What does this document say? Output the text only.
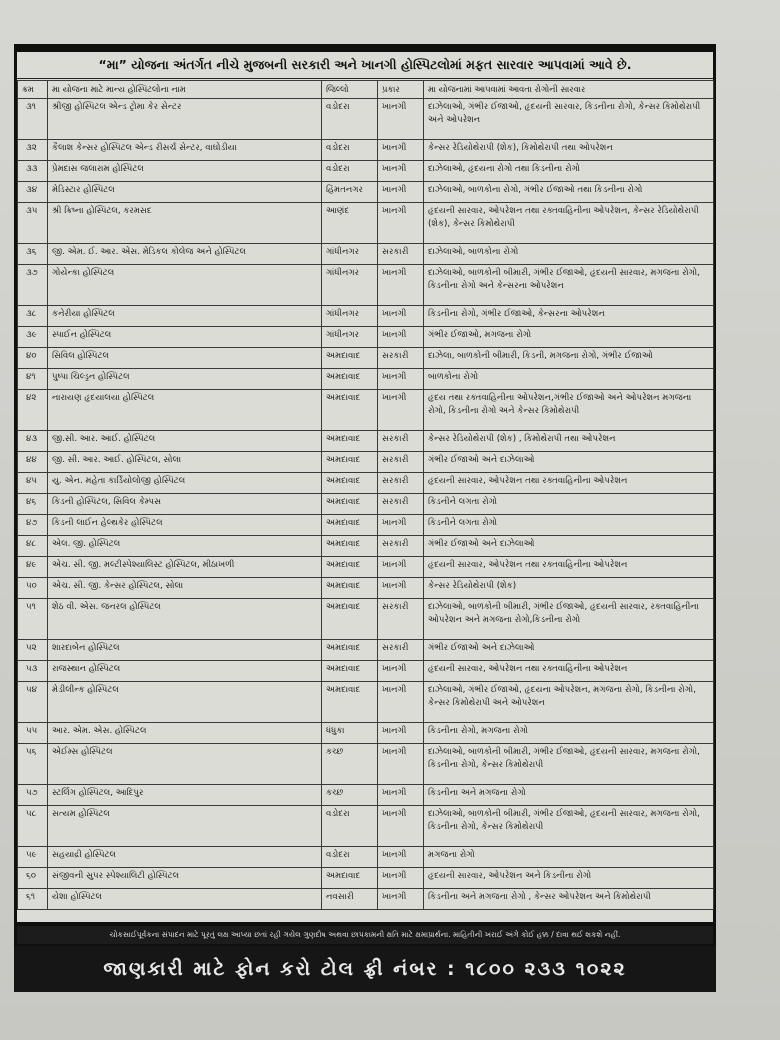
“મા” યોજના અંતર્ગત નીચે મુજબની સરકારી અને ખાનગી હોસ્પિટલોમાં મફત સારવાર આપવામાં આવે છે.
ક્રમ	મા યોજના માટે માન્ય હોસ્પિટલોના નામ	જિલ્લો	પ્રકાર	મા યોજનામાં આપવામાં આવતા રોગોની સારવાર
૩૧	શ્રીજી હોસ્પિટલ એન્ડ ટ્રોમા કેર સેન્ટર	વડોદરા	ખાનગી	દાઝેલાઓ, ગંભીર ઈજાઓ, હૃદયની સારવાર, કિડનીના રોગો, કેન્સર કિમોથેરાપી અને ઓપરેશન
૩૨	કૈલાશ કેન્સર હોસ્પિટલ એન્ડ રીસર્ચ સેન્ટર, વાઘોડીયા	વડોદરા	ખાનગી	કેન્સર રેડિયોથેરાપી (શેક), કિમોથેરાપી તથા ઓપરેશન
૩૩	પ્રેમદાસ જલારામ હોસ્પિટલ	વડોદરા	ખાનગી	દાઝેલાઓ, હૃદયના રોગો તથા કિડનીના રોગો
૩૪	મેડિસ્ટાર હોસ્પિટલ	હિંમતનગર	ખાનગી	દાઝેલાઓ, બાળકોના રોગો, ગંભીર ઈજાઓ તથા કિડનીના રોગો
૩૫	શ્રી ક્રિષ્ના હોસ્પિટલ, કરમસદ	આણંદ	ખાનગી	હૃદયની સારવાર, ઓપરેશન તથા રક્તવાહિનીના ઓપરેશન, કેન્સર રેડિયોથેરાપી (શેક), કેન્સર કિમોથેરાપી
૩૬	જી. એમ. ઈ. આર. એસ. મેડિકલ કોલેજ અને હોસ્પિટલ	ગાંધીનગર	સરકારી	દાઝેલાઓ, બાળકોના રોગો
૩૭	ગોયેન્કા હોસ્પિટલ	ગાંધીનગર	ખાનગી	દાઝેલાઓ, બાળકોની બીમારી, ગંભીર ઈજાઓ, હૃદયની સારવાર, મગજના રોગો, કિડનીના રોગો અને કેન્સરના ઓપરેશન
૩૮	કનેરીયા હોસ્પિટલ	ગાંધીનગર	ખાનગી	કિડનીના રોગો, ગંભીર ઈજાઓ, કેન્સરના ઓપરેશન
૩૯	સ્પાઈન હોસ્પિટલ	ગાંધીનગર	ખાનગી	ગંભીર ઈજાઓ, મગજના રોગો
૪૦	સિવિલ હોસ્પિટલ	અમદાવાદ	સરકારી	દાઝેલા, બાળકોની બીમારી, કિડની, મગજના રોગો, ગંભીર ઈજાઓ
૪૧	પુષ્પા ચિલ્ડ્રન હોસ્પિટલ	અમદાવાદ	ખાનગી	બાળકોના રોગો
૪૨	નારાયણ હૃદયાલયા હોસ્પિટલ	અમદાવાદ	ખાનગી	હૃદય તથા રક્તવાહિનીના ઓપરેશન,ગંભીર ઈજાઓ અને ઓપરેશન મગજના રોગો, કિડનીના રોગો અને કેન્સર કિમોથેરાપી
૪૩	જી.સી. આર. આઈ. હોસ્પિટલ	અમદાવાદ	સરકારી	કેન્સર રેડિયોથેરાપી (શેક) , કિમોથેરાપી તથા ઓપરેશન
૪૪	જી. સી. આર. આઈ. હોસ્પિટલ, સોલા	અમદાવાદ	સરકારી	ગંભીર ઈજાઓ અને દાઝેલાઓ
૪૫	યુ. એન. મહેતા કાર્ડિયોલોજી હોસ્પિટલ	અમદાવાદ	સરકારી	હૃદયની સારવાર, ઓપરેશન તથા રક્તવાહિનીના ઓપરેશન
૪૬	કિડની હોસ્પિટલ, સિવિલ કેમ્પસ	અમદાવાદ	સરકારી	કિડનીને લગતા રોગો
૪૭	કિડની લાઈન હેલ્થકેર હોસ્પિટલ	અમદાવાદ	ખાનગી	કિડનીને લગતા રોગો
૪૮	એલ. જી. હોસ્પિટલ	અમદાવાદ	સરકારી	ગંભીર ઈજાઓ અને દાઝેલાઓ
૪૯	એચ. સી. જી. મલ્ટીસ્પેશ્યાલિસ્ટ હોસ્પિટલ, મીઠાખળી	અમદાવાદ	ખાનગી	હૃદયની સારવાર, ઓપરેશન તથા રક્તવાહિનીના ઓપરેશન
૫૦	એચ. સી. જી. કેન્સર હોસ્પિટલ, સોલા	અમદાવાદ	ખાનગી	કેન્સર રેડિયોથેરાપી (શેક)
૫૧	શેઠ વી. એસ. જનરલ હોસ્પિટલ	અમદાવાદ	સરકારી	દાઝેલાઓ, બાળકોની બીમારી, ગંભીર ઈજાઓ, હૃદયની સારવાર, રક્તવાહિનીના ઓપરેશન અને મગજના રોગો,કિડનીના રોગો
૫૨	શારદાબેન હોસ્પિટલ	અમદાવાદ	સરકારી	ગંભીર ઈજાઓ અને દાઝેલાઓ
૫૩	રાજસ્થાન હોસ્પિટલ	અમદાવાદ	ખાનગી	હૃદયની સારવાર, ઓપરેશન તથા રક્તવાહિનીના ઓપરેશન
૫૪	મેડીલીન્ક હોસ્પિટલ	અમદાવાદ	ખાનગી	દાઝેલાઓ, ગંભીર ઈજાઓ, હૃદયના ઓપરેશન, મગજના રોગો, કિડનીના રોગો, કેન્સર કિમોથેરાપી અને ઓપરેશન
૫૫	આર. એમ. એસ. હોસ્પિટલ	ધંધુકા	ખાનગી	કિડનીના રોગો, મગજના રોગો
૫૬	એઈમ્સ હોસ્પિટલ	કચ્છ	ખાનગી	દાઝેલાઓ, બાળકોની બીમારી, ગંભીર ઈજાઓ, હૃદયની સારવાર, મગજના રોગો, કિડનીના રોગો, કેન્સર કિમોથેરાપી
૫૭	સ્ટર્લિંગ હોસ્પિટલ, આદિપુર	કચ્છ	ખાનગી	કિડનીના અને મગજના રોગો
૫૮	સત્યમ હોસ્પિટલ	વડોદરા	ખાનગી	દાઝેલાઓ, બાળકોની બીમારી, ગંભીર ઈજાઓ, હૃદયની સારવાર, મગજના રોગો, કિડનીના રોગો, કેન્સર કિમોથેરાપી
૫૯	સહયાદ્રી હોસ્પિટલ	વડોદરા	ખાનગી	મગજના રોગો
૬૦	સંજીવની સુપર સ્પેશ્યાલિટી હોસ્પિટલ	અમદાવાદ	ખાનગી	હૃદયની સારવાર, ઓપરેશન અને કિડનીના રોગો
૬૧	યેશા હોસ્પિટલ	નવસારી	ખાનગી	કિડનીના અને મગજના રોગો , કેન્સર ઓપરેશન અને કિમોથેરાપી
ચોકસાઈપૂર્વકના સંપાદન માટે પૂરતું લક્ષ આપ્યા છતાં રહી ગયેલ ગુણદોષ અથવા છાપકામની ક્ષતિ માટે ક્ષમાપ્રાર્થના. માહિતીની ખરાઈ અંગે કોઈ હક્ક / દાવા થઈ શકશે નહીં.
જાણકારી માટે ફોન કરો ટોલ ફ્રી નંબર : ૧૮૦૦ ૨૩૩ ૧૦૨૨
